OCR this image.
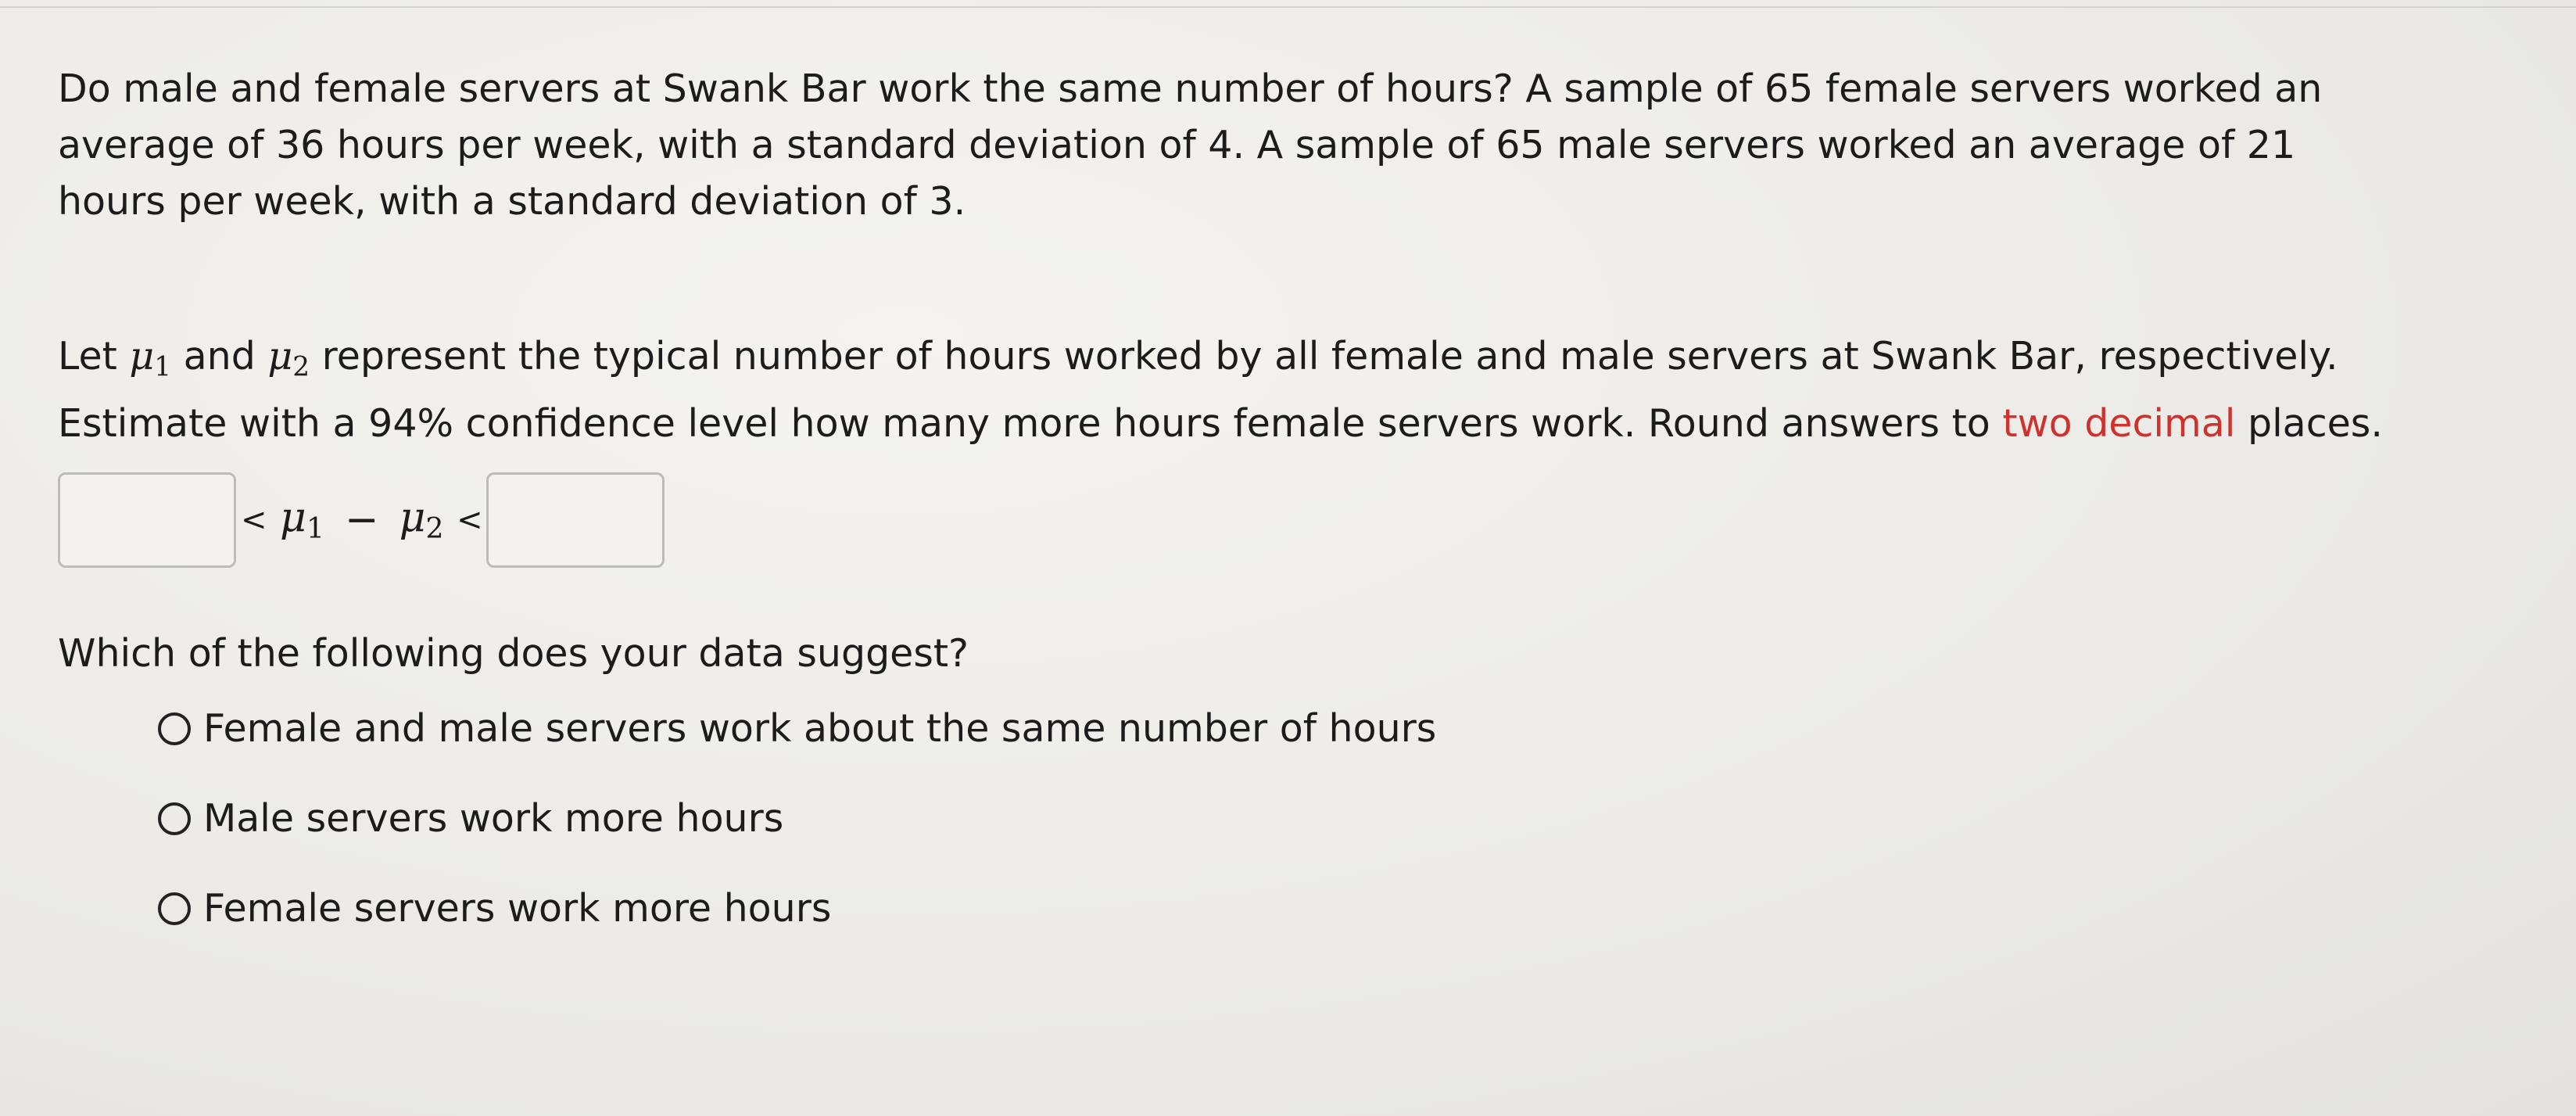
Do male and female servers at Swank Bar work the same number of hours? A sample of 65 female servers worked an average of 36 hours per week, with a standard deviation of 4. A sample of 65 male servers worked an average of 21 hours per week, with a standard deviation of 3.

Let $\mu_1$ and $\mu_2$ represent the typical number of hours worked by all female and male servers at Swank Bar, respectively. Estimate with a 94% confidence level how many more hours female servers work. Round answers to two decimal places.

<
$\mu_1 - \mu_2$
<
Which of the following does your data suggest?
Female and male servers work about the same number of hours
Male servers work more hours
Female servers work more hours
